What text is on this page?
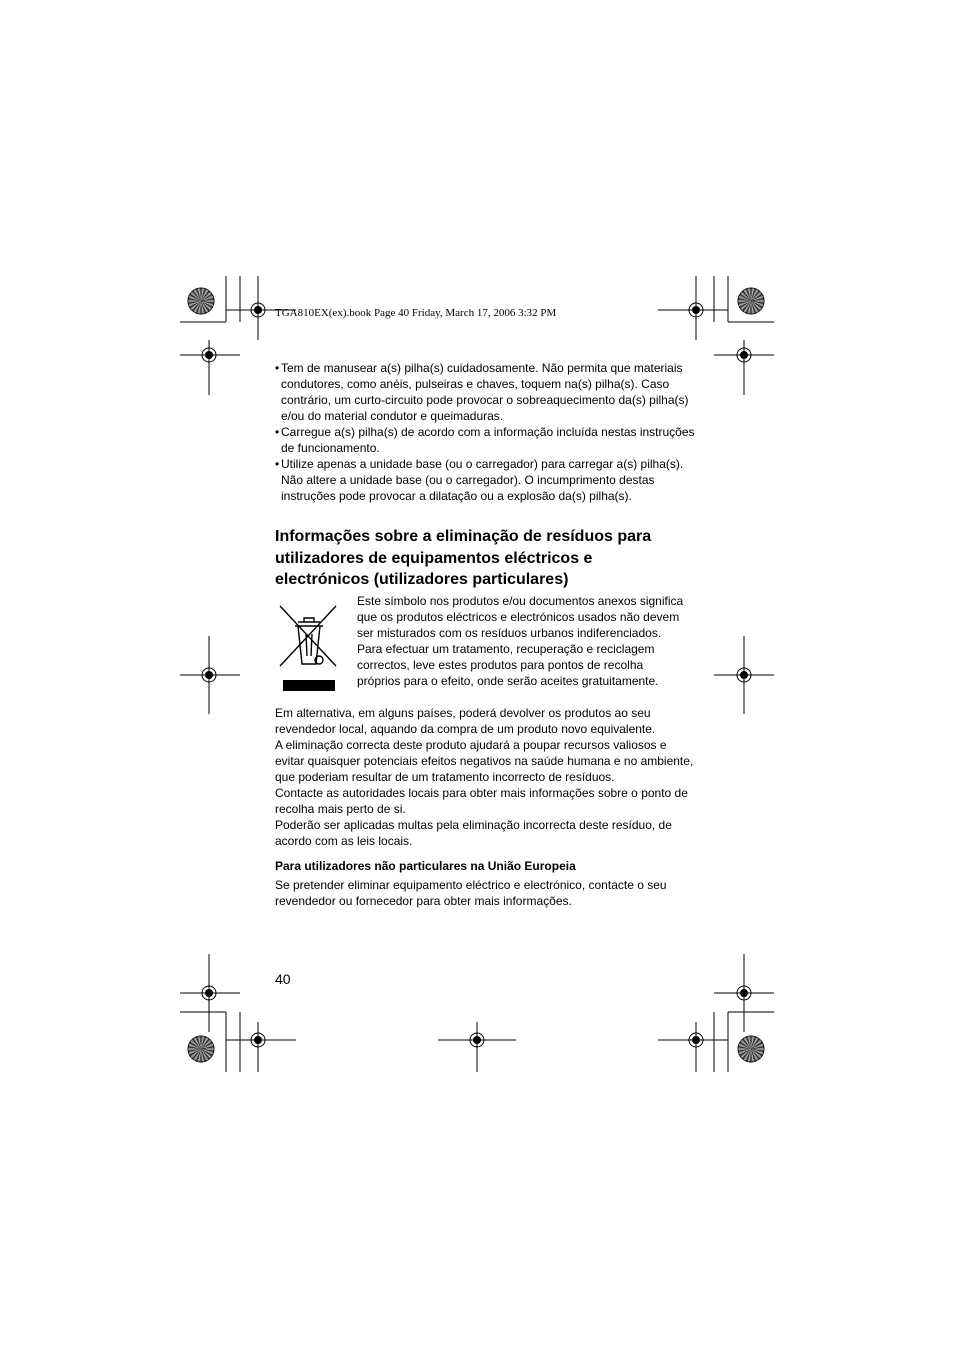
TGA810EX(ex).book Page 40 Friday, March 17, 2006 3:32 PM
• Tem de manusear a(s) pilha(s) cuidadosamente. Não permita que materiais condutores, como anéis, pulseiras e chaves, toquem na(s) pilha(s). Caso contrário, um curto-circuito pode provocar o sobreaquecimento da(s) pilha(s) e/ou do material condutor e queimaduras.
• Carregue a(s) pilha(s) de acordo com a informação incluída nestas instruções de funcionamento.
• Utilize apenas a unidade base (ou o carregador) para carregar a(s) pilha(s). Não altere a unidade base (ou o carregador). O incumprimento destas instruções pode provocar a dilatação ou a explosão da(s) pilha(s).
Informações sobre a eliminação de resíduos para utilizadores de equipamentos eléctricos e electrónicos (utilizadores particulares)

Este símbolo nos produtos e/ou documentos anexos significa que os produtos eléctricos e electrónicos usados não devem ser misturados com os resíduos urbanos indiferenciados.

Para efectuar um tratamento, recuperação e reciclagem correctos, leve estes produtos para pontos de recolha próprios para o efeito, onde serão aceites gratuitamente.

Em alternativa, em alguns países, poderá devolver os produtos ao seu revendedor local, aquando da compra de um produto novo equivalente.

A eliminação correcta deste produto ajudará a poupar recursos valiosos e evitar quaisquer potenciais efeitos negativos na saúde humana e no ambiente, que poderiam resultar de um tratamento incorrecto de resíduos.

Contacte as autoridades locais para obter mais informações sobre o ponto de recolha mais perto de si.

Poderão ser aplicadas multas pela eliminação incorrecta deste resíduo, de acordo com as leis locais.

Para utilizadores não particulares na União Europeia
Se pretender eliminar equipamento eléctrico e electrónico, contacte o seu revendedor ou fornecedor para obter mais informações.
40
